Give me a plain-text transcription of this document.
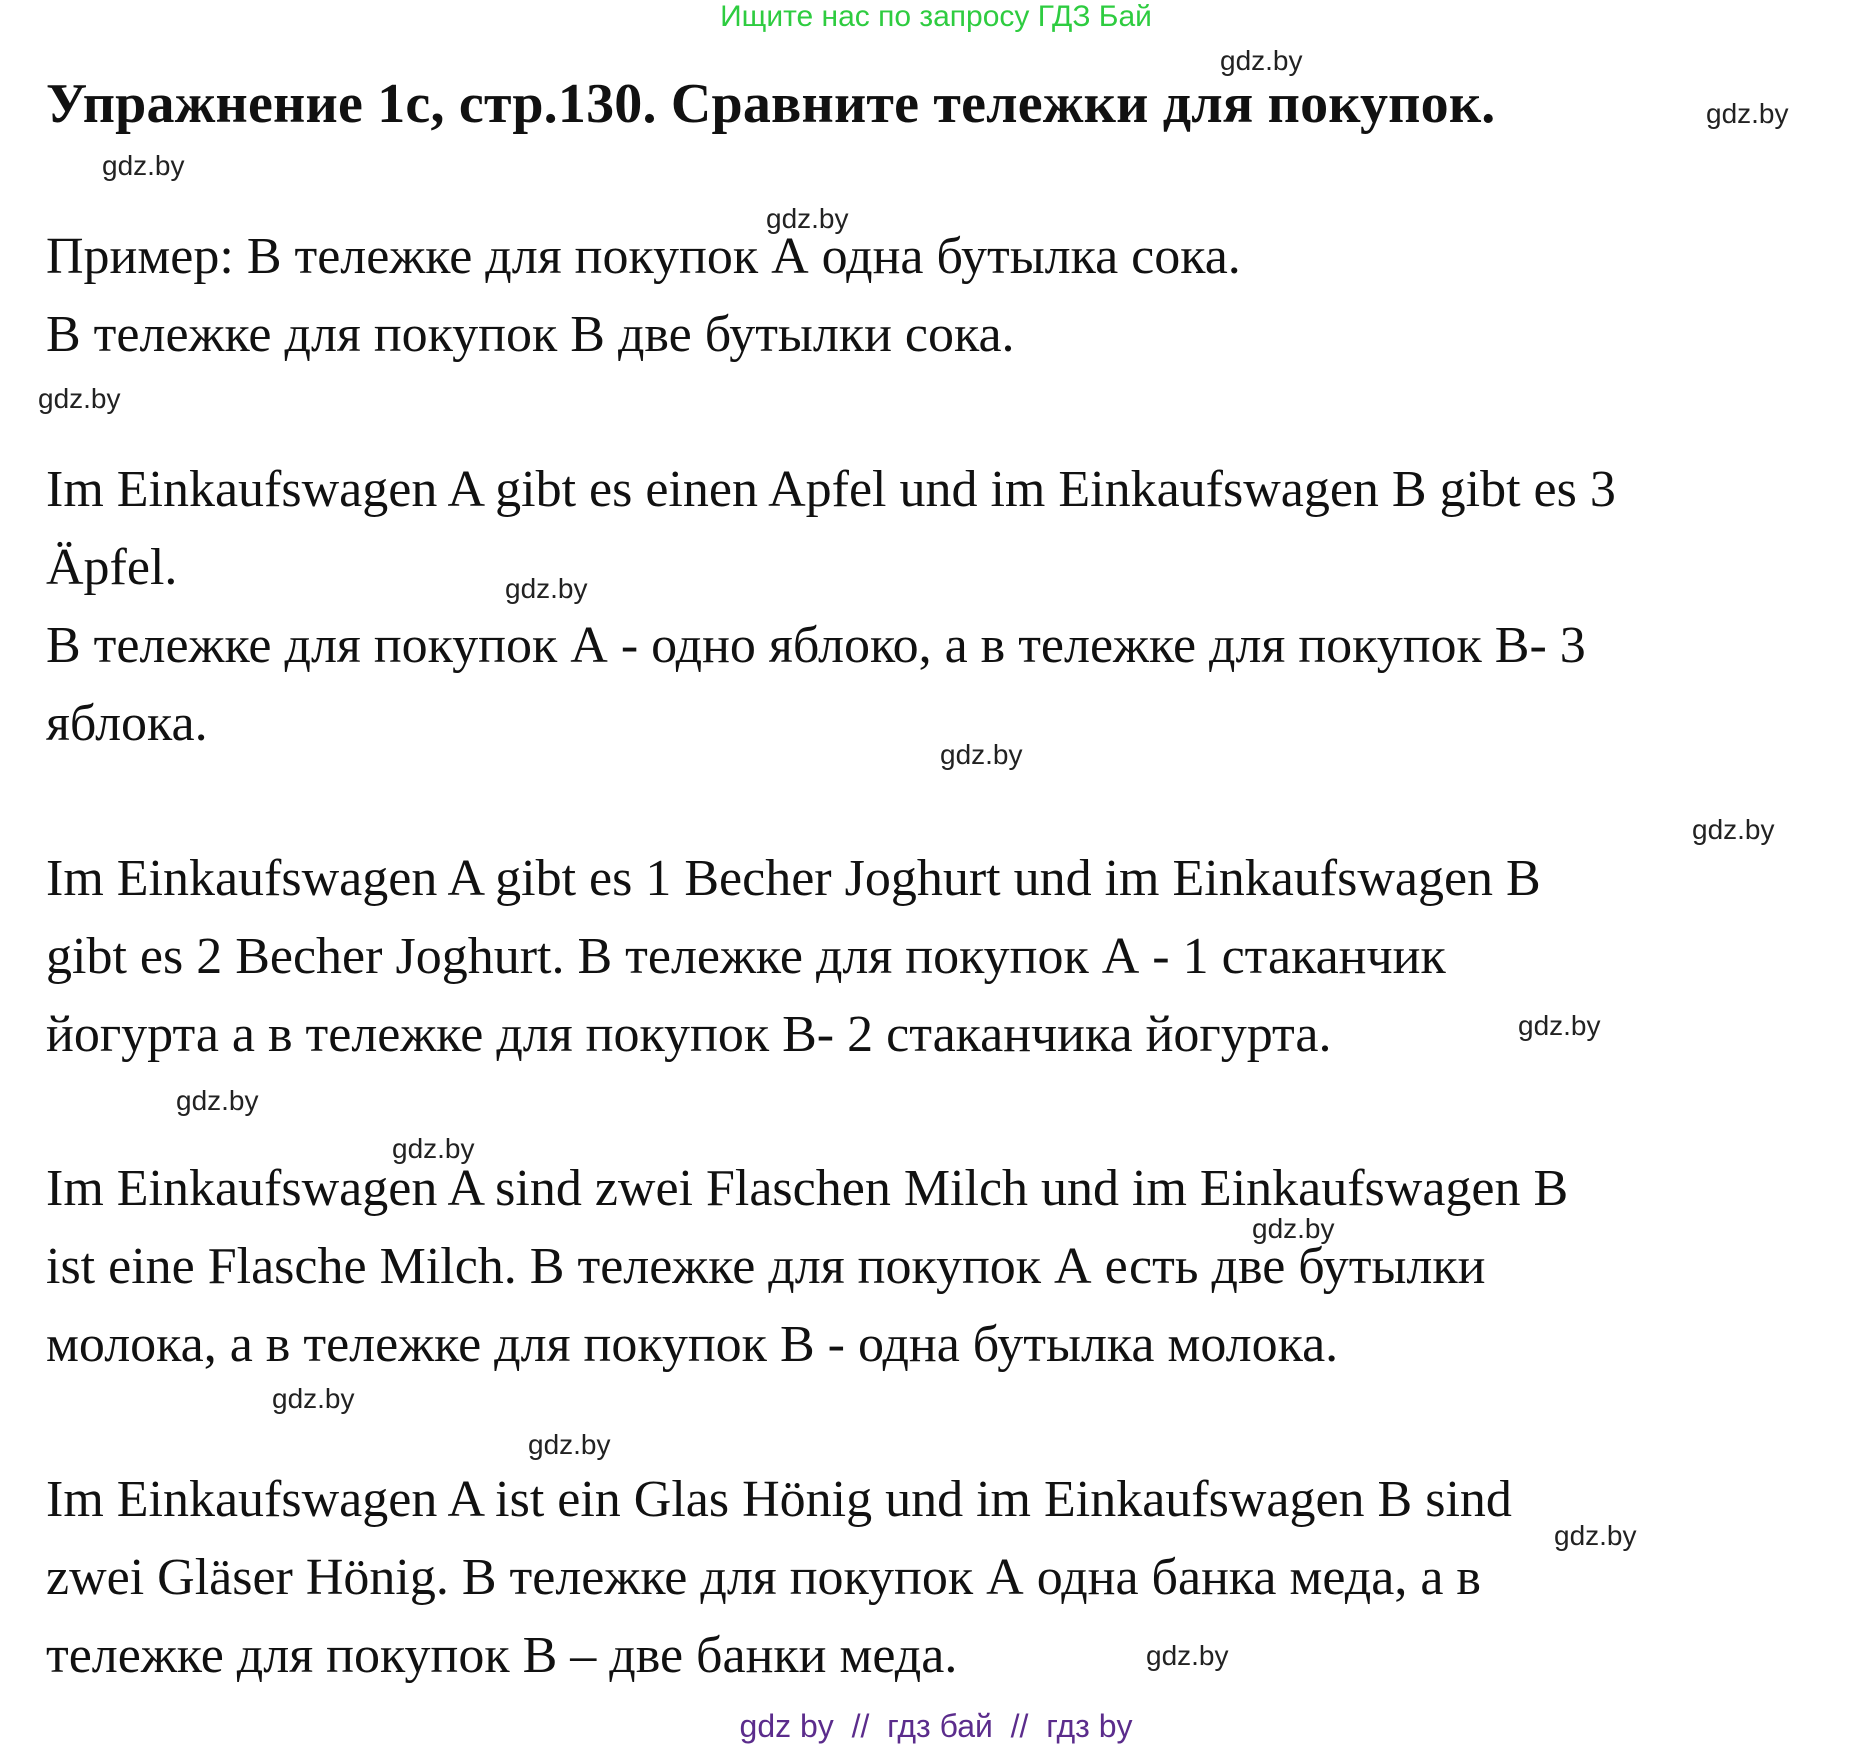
Ищите нас по запросу ГДЗ Бай
Упражнение 1с, стр.130. Сравните тележки для покупок.
Пример: В тележке для покупок А одна бутылка сока.
В тележке для покупок В две бутылки сока.
Im Einkaufswagen A gibt es einen Apfel und im Einkaufswagen B gibt es 3
Äpfel.
В тележке для покупок А - одно яблоко, а в тележке для покупок В- 3
яблока.
Im Einkaufswagen A gibt es 1 Becher Joghurt und im Einkaufswagen B
gibt es 2 Becher Joghurt. В тележке для покупок А - 1 стаканчик
йогурта а в тележке для покупок В- 2 стаканчика йогурта.
Im Einkaufswagen A sind zwei Flaschen Milch und im Einkaufswagen B
ist eine Flasche Milch. В тележке для покупок А есть две бутылки
молока, а в тележке для покупок В - одна бутылка молока.
Im Einkaufswagen A ist ein Glas Hönig und im Einkaufswagen B sind
zwei Gläser Hönig. В тележке для покупок А одна банка меда, а в
тележке для покупок В – две банки меда.
gdz.by
gdz.by
gdz.by
gdz.by
gdz.by
gdz.by
gdz.by
gdz.by
gdz.by
gdz.by
gdz.by
gdz.by
gdz.by
gdz.by
gdz.by
gdz.by
gdz by  //  гдз бай  //  гдз by
